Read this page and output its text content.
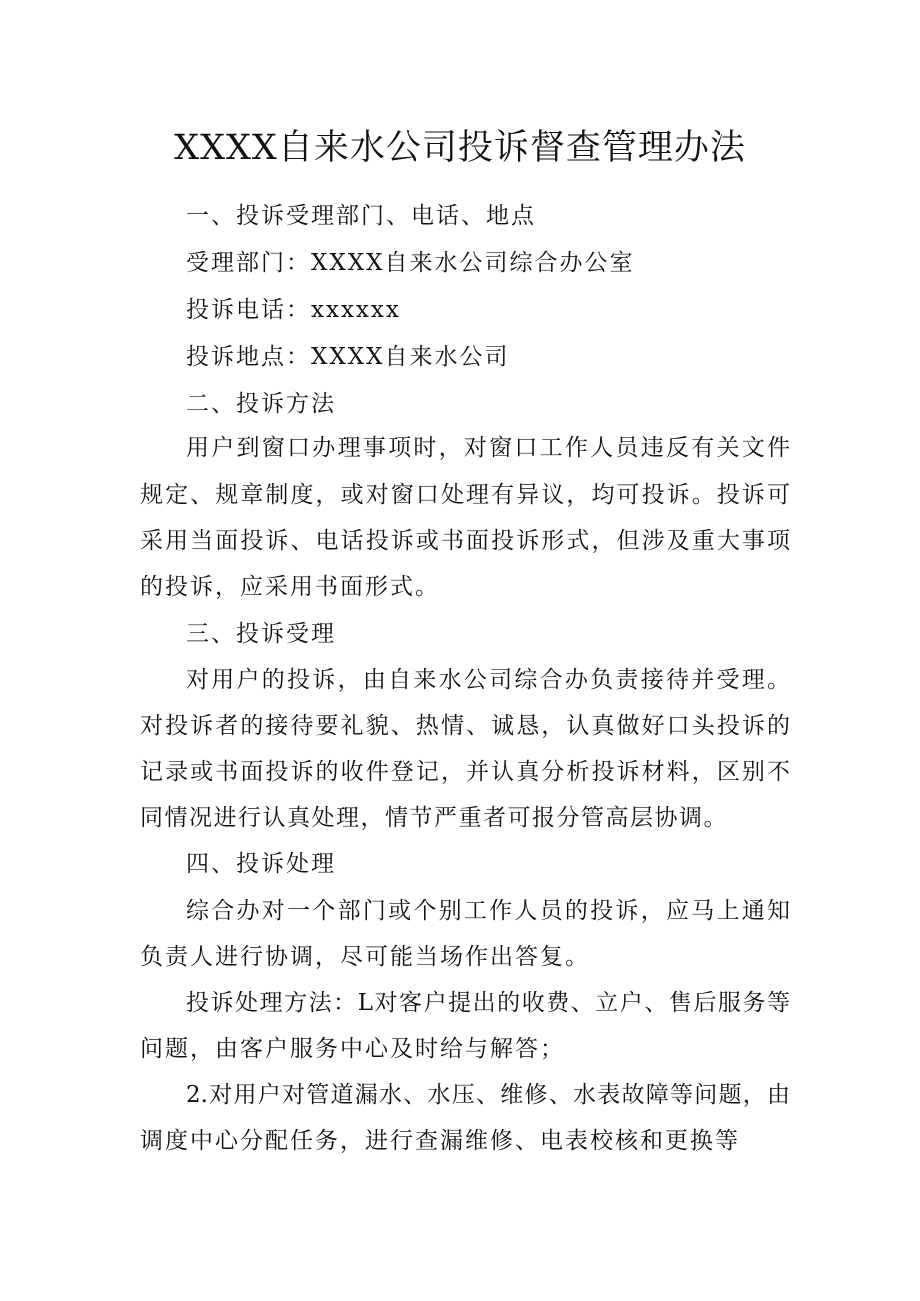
XXXX自来水公司投诉督查管理办法
一、投诉受理部门、电话、地点
受理部门：XXXX自来水公司综合办公室
投诉电话：xxxxxx
投诉地点：XXXX自来水公司
二、投诉方法
用户到窗口办理事项时，对窗口工作人员违反有关文件
规定、规章制度，或对窗口处理有异议，均可投诉。投诉可
采用当面投诉、电话投诉或书面投诉形式，但涉及重大事项
的投诉，应采用书面形式。
三、投诉受理
对用户的投诉，由自来水公司综合办负责接待并受理。
对投诉者的接待要礼貌、热情、诚恳，认真做好口头投诉的
记录或书面投诉的收件登记，并认真分析投诉材料，区别不
同情况进行认真处理，情节严重者可报分管高层协调。
四、投诉处理
综合办对一个部门或个别工作人员的投诉，应马上通知
负责人进行协调，尽可能当场作出答复。
投诉处理方法：L对客户提出的收费、立户、售后服务等
问题，由客户服务中心及时给与解答；
2.对用户对管道漏水、水压、维修、水表故障等问题，由
调度中心分配任务，进行查漏维修、电表校核和更换等
